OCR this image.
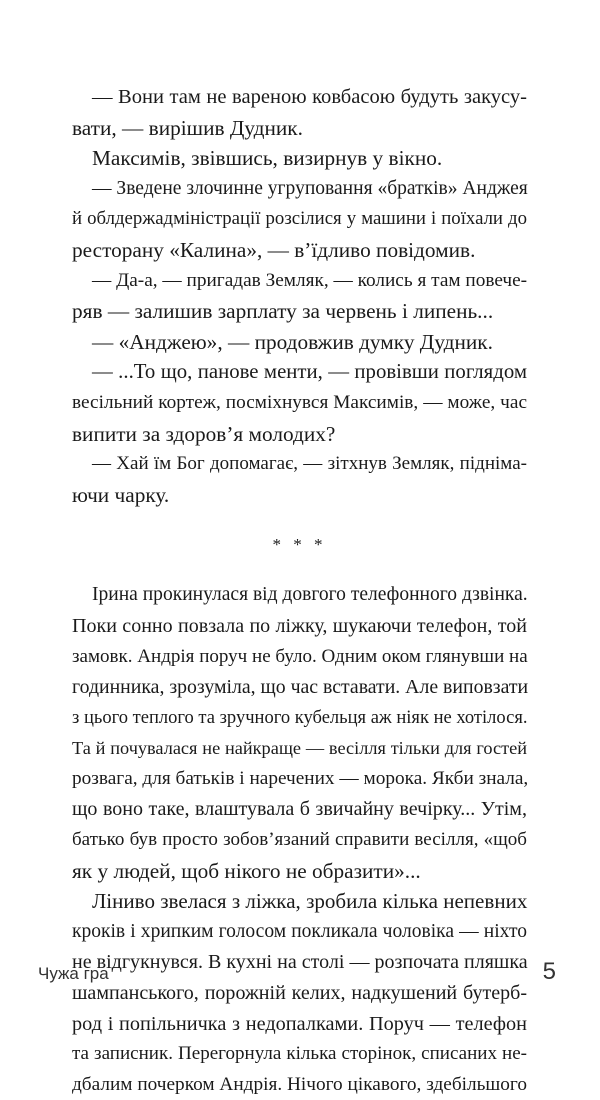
— Вони там не вареною ковбасою будуть закусу-
вати, — вирішив Дудник.
Максимів, звівшись, визирнув у вікно.
— Зведене злочинне угруповання «братків» Анджея
й облдержадміністрації розсілися у машини і поїхали до
ресторану «Калина», — в’їдливо повідомив.
— Да-а, — пригадав Земляк, — колись я там повече-
ряв — залишив зарплату за червень і липень...
— «Анджею», — продовжив думку Дудник.
— ...То що, панове менти, — провівши поглядом
весільний кортеж, посміхнувся Максимів, — може, час
випити за здоров’я молодих?
— Хай їм Бог допомагає, — зітхнув Земляк, підніма-
ючи чарку.
* * *
Ірина прокинулася від довгого телефонного дзвінка.
Поки сонно повзала по ліжку, шукаючи телефон, той
замовк. Андрія поруч не було. Одним оком глянувши на
годинника, зрозуміла, що час вставати. Але виповзати
з цього теплого та зручного кубельця аж ніяк не хотілося.
Та й почувалася не найкраще — весілля тільки для гостей
розвага, для батьків і наречених — морока. Якби знала,
що воно таке, влаштувала б звичайну вечірку... Утім,
батько був просто зобов’язаний справити весілля, «щоб
як у людей, щоб нікого не образити»...
Ліниво звелася з ліжка, зробила кілька непевних
кроків і хрипким голосом покликала чоловіка — ніхто
не відгукнувся. В кухні на столі — розпочата пляшка
шампанського, порожній келих, надкушений бутерб-
род і попільничка з недопалками. Поруч — телефон
та записник. Перегорнула кілька сторінок, списаних не-
дбалим почерком Андрія. Нічого цікавого, здебільшого
Чужа гра	5
